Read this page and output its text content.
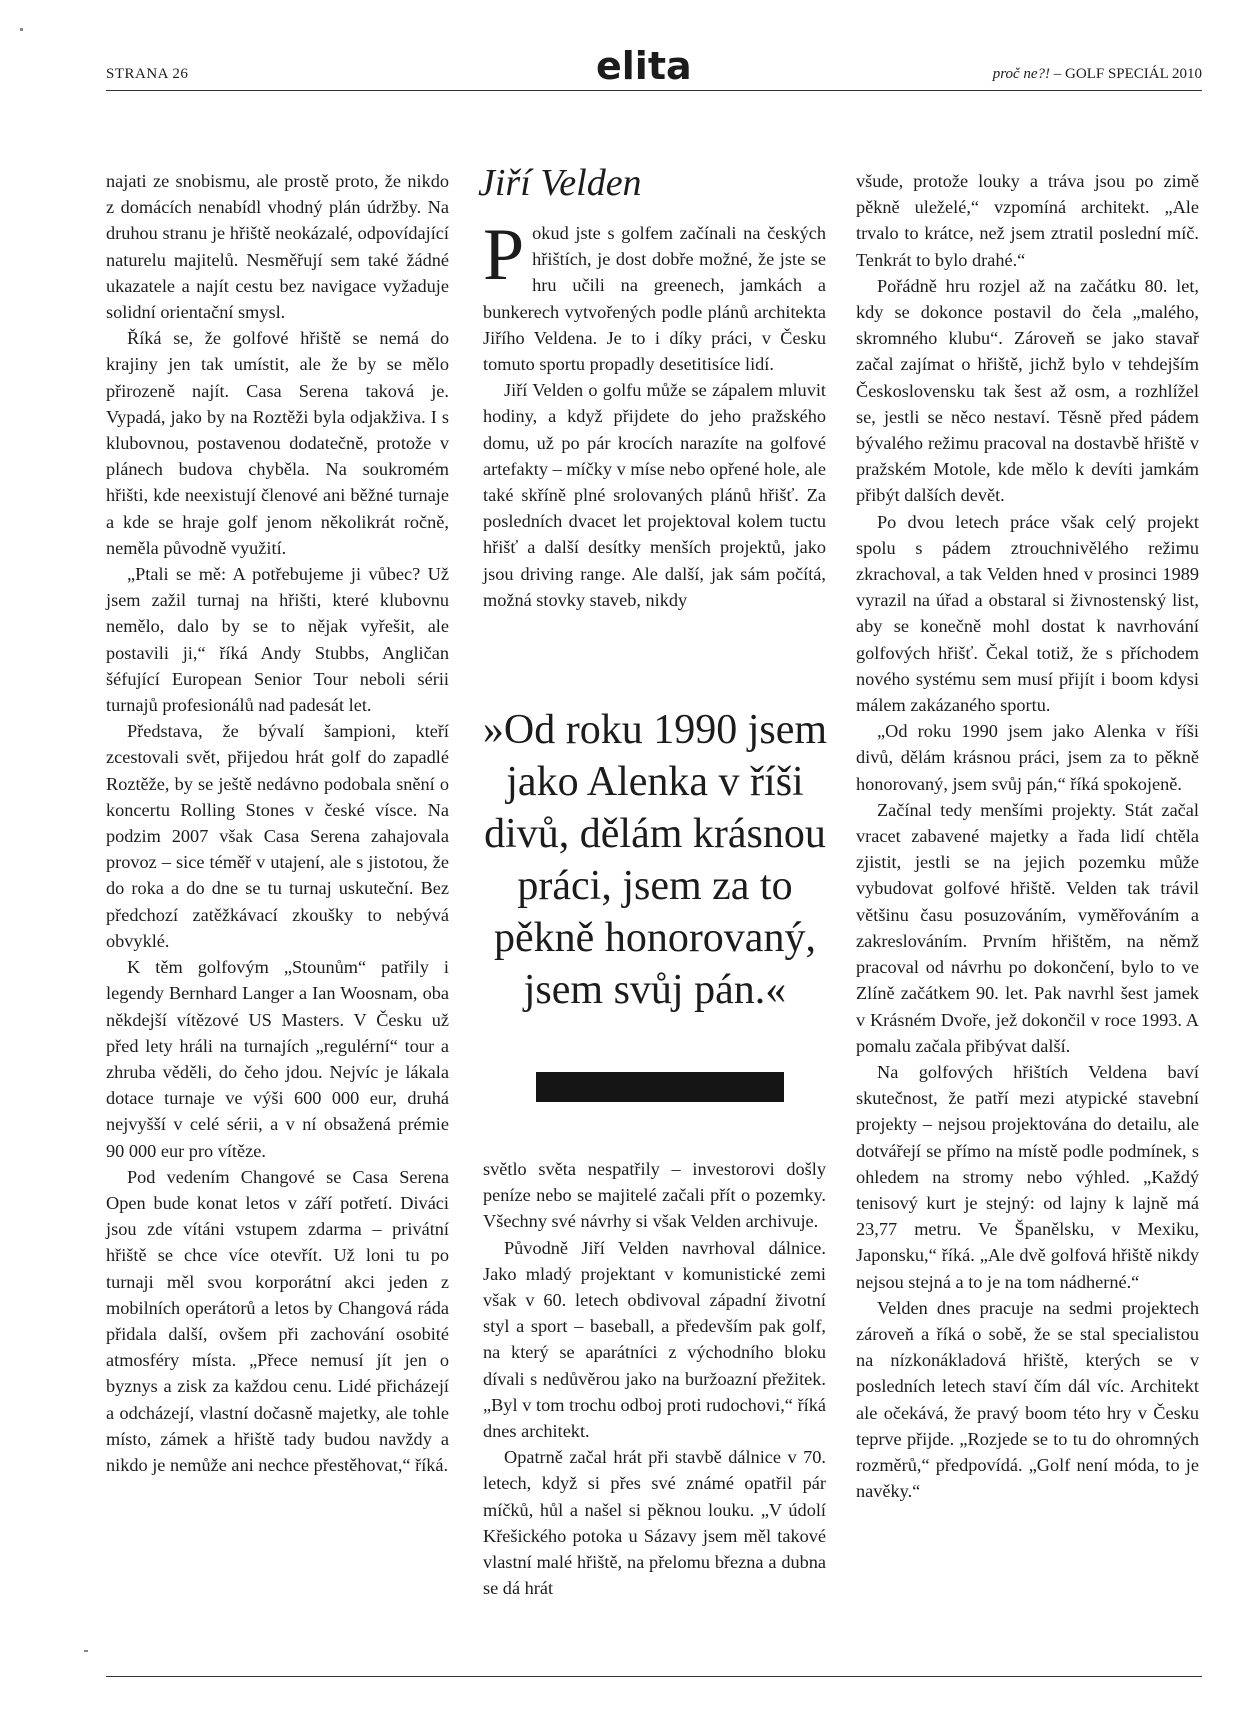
STRANA 26	elita	proč ne?! – GOLF SPECIÁL 2010

najati ze snobismu, ale prostě proto, že nikdo z domácích nenabídl vhodný plán údržby. Na druhou stranu je hřiště neokázalé, odpovídající naturelu majitelů. Nesměřují sem také žádné ukazatele a najít cestu bez navigace vyžaduje solidní orientační smysl.

Říká se, že golfové hřiště se nemá do krajiny jen tak umístit, ale že by se mělo přirozeně najít. Casa Serena taková je. Vypadá, jako by na Roztěži byla odjakživa. I s klubovnou, postavenou dodatečně, protože v plánech budova chyběla. Na soukromém hřišti, kde neexistují členové ani běžné turnaje a kde se hraje golf jenom několikrát ročně, neměla původně využití.

„Ptali se mě: A potřebujeme ji vůbec? Už jsem zažil turnaj na hřišti, které klubovnu nemělo, dalo by se to nějak vyřešit, ale postavili ji,“ říká Andy Stubbs, Angličan šéfující European Senior Tour neboli sérii turnajů profesionálů nad padesát let.

Představa, že bývalí šampioni, kteří zcestovali svět, přijedou hrát golf do zapadlé Roztěže, by se ještě nedávno podobala snění o koncertu Rolling Stones v české vísce. Na podzim 2007 však Casa Serena zahajovala provoz – sice téměř v utajení, ale s jistotou, že do roka a do dne se tu turnaj uskuteční. Bez předchozí zatěžkávací zkoušky to nebývá obvyklé.

K těm golfovým „Stounům“ patřily i legendy Bernhard Langer a Ian Woosnam, oba někdejší vítězové US Masters. V Česku už před lety hráli na turnajích „regulérní“ tour a zhruba věděli, do čeho jdou. Nejvíc je lákala dotace turnaje ve výši 600 000 eur, druhá nejvyšší v celé sérii, a v ní obsažená prémie 90 000 eur pro vítěze.

Pod vedením Changové se Casa Serena Open bude konat letos v září potřetí. Diváci jsou zde vítáni vstupem zdarma – privátní hřiště se chce více otevřít. Už loni tu po turnaji měl svou korporátní akci jeden z mobilních operátorů a letos by Changová ráda přidala další, ovšem při zachování osobité atmosféry místa. „Přece nemusí jít jen o byznys a zisk za každou cenu. Lidé přicházejí a odcházejí, vlastní dočasně majetky, ale tohle místo, zámek a hřiště tady budou navždy a nikdo je nemůže ani nechce přestěhovat,“ říká.

Jiří Velden

Pokud jste s golfem začínali na českých hřištích, je dost dobře možné, že jste se hru učili na greenech, jamkách a bunkerech vytvořených podle plánů architekta Jiřího Veldena. Je to i díky práci, v Česku tomuto sportu propadly desetitisíce lidí.

Jiří Velden o golfu může se zápalem mluvit hodiny, a když přijdete do jeho pražského domu, už po pár krocích narazíte na golfové artefakty – míčky v míse nebo opřené hole, ale také skříně plné srolovaných plánů hřišť. Za posledních dvacet let projektoval kolem tuctu hřišť a další desítky menších projektů, jako jsou driving range. Ale další, jak sám počítá, možná stovky staveb, nikdy

»Od roku 1990 jsem jako Alenka v říši divů, dělám krásnou práci, jsem za to pěkně honorovaný, jsem svůj pán.«

světlo světa nespatřily – investorovi došly peníze nebo se majitelé začali přít o pozemky. Všechny své návrhy si však Velden archivuje.

Původně Jiří Velden navrhoval dálnice. Jako mladý projektant v komunistické zemi však v 60. letech obdivoval západní životní styl a sport – baseball, a především pak golf, na který se aparátníci z východního bloku dívali s nedůvěrou jako na buržoazní přežitek. „Byl v tom trochu odboj proti rudochovi,“ říká dnes architekt.

Opatrně začal hrát při stavbě dálnice v 70. letech, když si přes své známé opatřil pár míčků, hůl a našel si pěknou louku. „V údolí Křešického potoka u Sázavy jsem měl takové vlastní malé hřiště, na přelomu března a dubna se dá hrát

všude, protože louky a tráva jsou po zimě pěkně uleželé,“ vzpomíná architekt. „Ale trvalo to krátce, než jsem ztratil poslední míč. Tenkrát to bylo drahé.“

Pořádně hru rozjel až na začátku 80. let, kdy se dokonce postavil do čela „malého, skromného klubu“. Zároveň se jako stavař začal zajímat o hřiště, jichž bylo v tehdejším Československu tak šest až osm, a rozhlížel se, jestli se něco nestaví. Těsně před pádem bývalého režimu pracoval na dostavbě hřiště v pražském Motole, kde mělo k devíti jamkám přibýt dalších devět.

Po dvou letech práce však celý projekt spolu s pádem ztrouchnivělého režimu zkrachoval, a tak Velden hned v prosinci 1989 vyrazil na úřad a obstaral si živnostenský list, aby se konečně mohl dostat k navrhování golfových hřišť. Čekal totiž, že s příchodem nového systému sem musí přijít i boom kdysi málem zakázaného sportu.

„Od roku 1990 jsem jako Alenka v říši divů, dělám krásnou práci, jsem za to pěkně honorovaný, jsem svůj pán,“ říká spokojeně.

Začínal tedy menšími projekty. Stát začal vracet zabavené majetky a řada lidí chtěla zjistit, jestli se na jejich pozemku může vybudovat golfové hřiště. Velden tak trávil většinu času posuzováním, vyměřováním a zakreslováním. Prvním hřištěm, na němž pracoval od návrhu po dokončení, bylo to ve Zlíně začátkem 90. let. Pak navrhl šest jamek v Krásném Dvoře, jež dokončil v roce 1993. A pomalu začala přibývat další.

Na golfových hřištích Veldena baví skutečnost, že patří mezi atypické stavební projekty – nejsou projektována do detailu, ale dotvářejí se přímo na místě podle podmínek, s ohledem na stromy nebo výhled. „Každý tenisový kurt je stejný: od lajny k lajně má 23,77 metru. Ve Španělsku, v Mexiku, Japonsku,“ říká. „Ale dvě golfová hřiště nikdy nejsou stejná a to je na tom nádherné.“

Velden dnes pracuje na sedmi projektech zároveň a říká o sobě, že se stal specialistou na nízkonákladová hřiště, kterých se v posledních letech staví čím dál víc. Architekt ale očekává, že pravý boom této hry v Česku teprve přijde. „Rozjede se to tu do ohromných rozměrů,“ předpovídá. „Golf není móda, to je navěky.“
